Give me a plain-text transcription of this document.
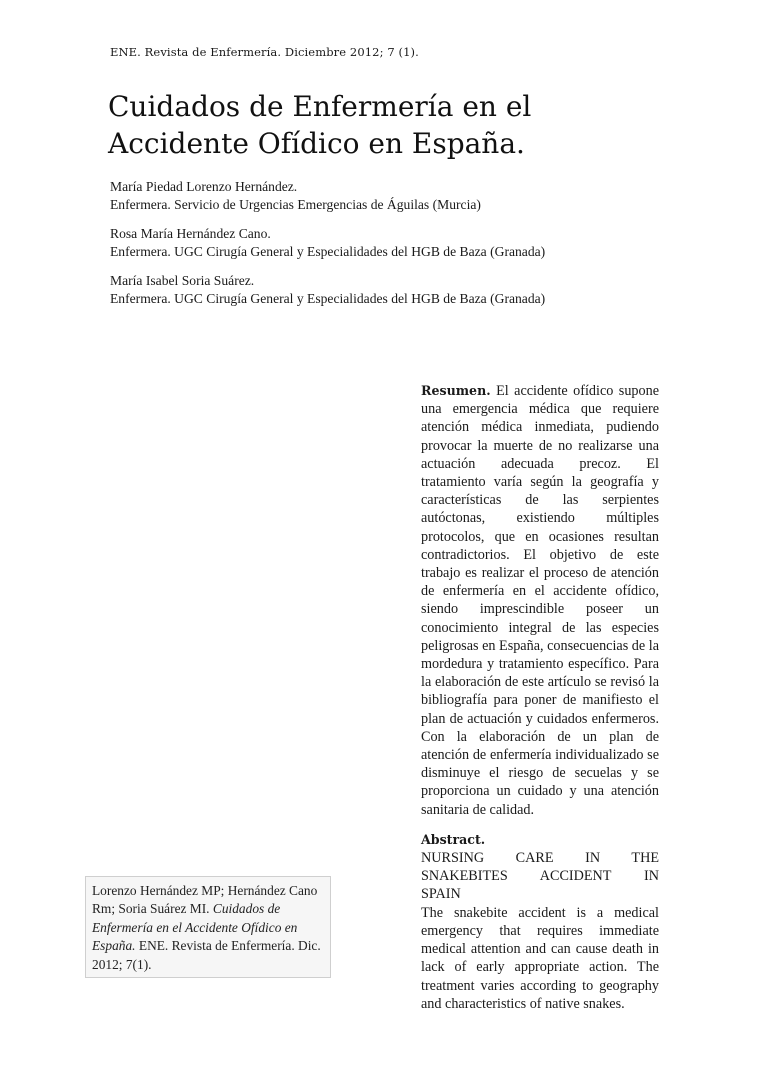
ENE. Revista de Enfermería. Diciembre 2012; 7 (1).
Cuidados de Enfermería en el
Accidente Ofídico en España.

María Piedad Lorenzo Hernández.
Enfermera. Servicio de Urgencias Emergencias de Águilas (Murcia)

Rosa María Hernández Cano.
Enfermera. UGC Cirugía General y Especialidades del HGB de Baza (Granada)

María Isabel Soria Suárez.
Enfermera. UGC Cirugía General y Especialidades del HGB de Baza (Granada)

Resumen. El accidente ofídico supone una emergencia médica que requiere atención médica inmediata, pudiendo provocar la muerte de no realizarse una actuación adecuada precoz. El tratamiento varía según la geografía y características de las serpientes autóctonas, existiendo múltiples protocolos, que en ocasiones resultan contradictorios. El objetivo de este trabajo es realizar el proceso de atención de enfermería en el accidente ofídico, siendo imprescindible poseer un conocimiento integral de las especies peligrosas en España, consecuencias de la mordedura y tratamiento específico. Para la elaboración de este artículo se revisó la bibliografía para poner de manifiesto el plan de actuación y cuidados enfermeros. Con la elaboración de un plan de atención de enfermería individualizado se disminuye el riesgo de secuelas y se proporciona un cuidado y una atención sanitaria de calidad.

Abstract.

NURSING CARE IN THE

SNAKEBITES ACCIDENT IN

SPAIN

The snakebite accident is a medical emergency that requires immediate medical attention and can cause death in lack of early appropriate action. The treatment varies according to geography and characteristics of native snakes.

Lorenzo Hernández MP; Hernández Cano Rm; Soria Suárez MI. Cuidados de Enfermería en el Accidente Ofídico en España. ENE. Revista de Enfermería. Dic. 2012; 7(1).
